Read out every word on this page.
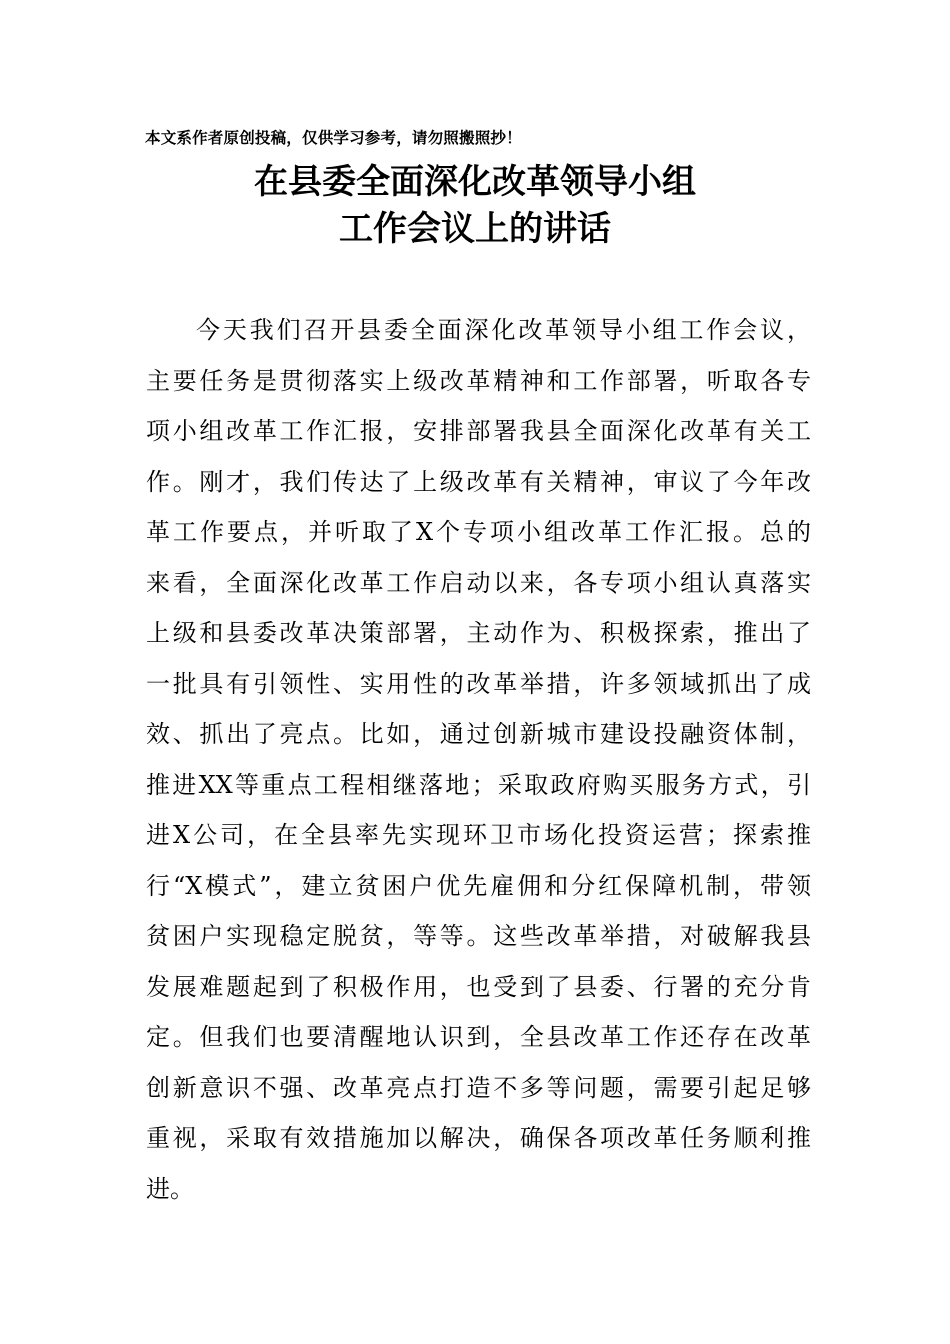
本文系作者原创投稿，仅供学习参考，请勿照搬照抄！
在县委全面深化改革领导小组
工作会议上的讲话
今天我们召开县委全面深化改革领导小组工作会议，
主要任务是贯彻落实上级改革精神和工作部署，听取各专
项小组改革工作汇报，安排部署我县全面深化改革有关工
作。刚才，我们传达了上级改革有关精神，审议了今年改
革工作要点，并听取了X个专项小组改革工作汇报。总的
来看，全面深化改革工作启动以来，各专项小组认真落实
上级和县委改革决策部署，主动作为、积极探索，推出了
一批具有引领性、实用性的改革举措，许多领域抓出了成
效、抓出了亮点。比如，通过创新城市建设投融资体制，
推进XX等重点工程相继落地；采取政府购买服务方式，引
进X公司，在全县率先实现环卫市场化投资运营；探索推
行“X模式”，建立贫困户优先雇佣和分红保障机制，带领
贫困户实现稳定脱贫，等等。这些改革举措，对破解我县
发展难题起到了积极作用，也受到了县委、行署的充分肯
定。但我们也要清醒地认识到，全县改革工作还存在改革
创新意识不强、改革亮点打造不多等问题，需要引起足够
重视，采取有效措施加以解决，确保各项改革任务顺利推
进。
